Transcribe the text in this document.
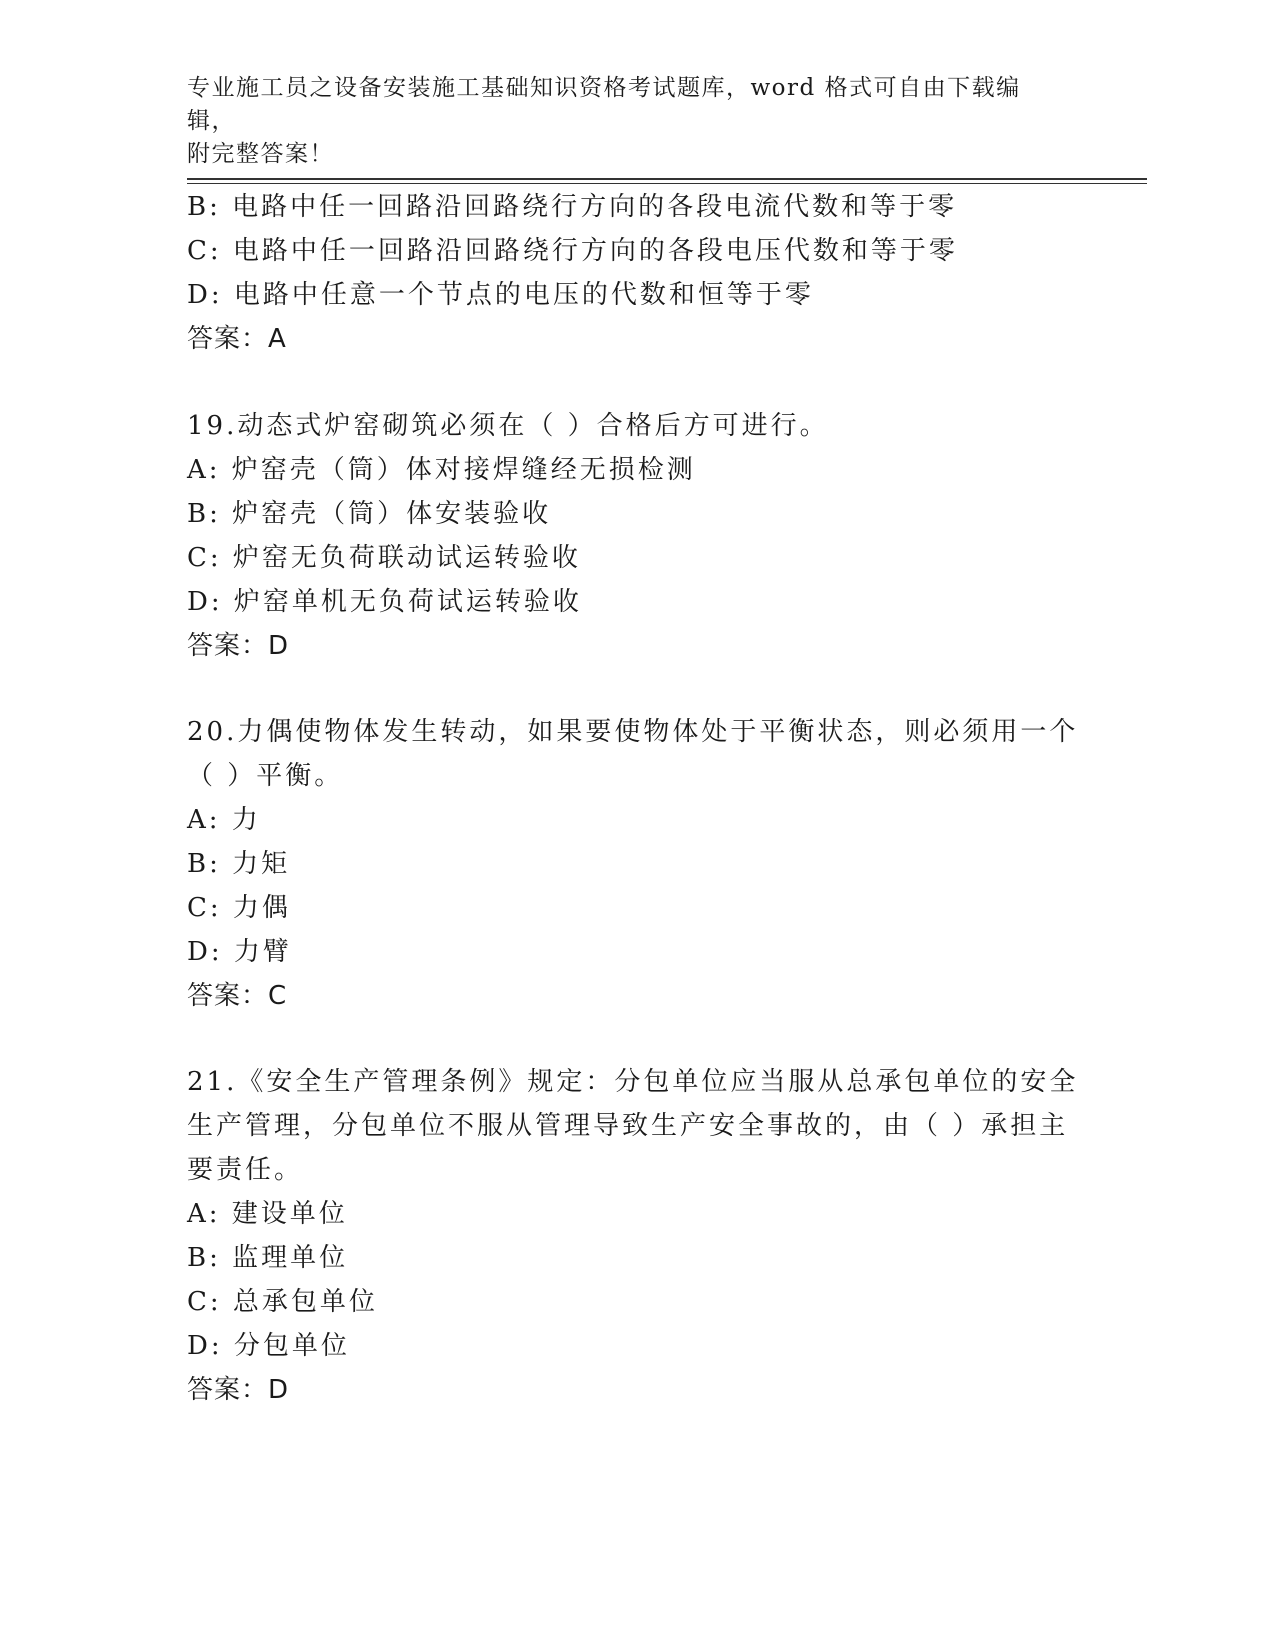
专业施工员之设备安装施工基础知识资格考试题库，word 格式可自由下载编辑，
附完整答案！
B: 电路中任一回路沿回路绕行方向的各段电流代数和等于零
C: 电路中任一回路沿回路绕行方向的各段电压代数和等于零
D: 电路中任意一个节点的电压的代数和恒等于零
答案：A
19.动态式炉窑砌筑必须在（ ）合格后方可进行。
A: 炉窑壳（筒）体对接焊缝经无损检测
B: 炉窑壳（筒）体安装验收
C: 炉窑无负荷联动试运转验收
D: 炉窑单机无负荷试运转验收
答案：D
20.力偶使物体发生转动，如果要使物体处于平衡状态，则必须用一个
（ ）平衡。
A: 力
B: 力矩
C: 力偶
D: 力臂
答案：C
21.《安全生产管理条例》规定：分包单位应当服从总承包单位的安全
生产管理，分包单位不服从管理导致生产安全事故的，由（ ）承担主
要责任。
A: 建设单位
B: 监理单位
C: 总承包单位
D: 分包单位
答案：D
